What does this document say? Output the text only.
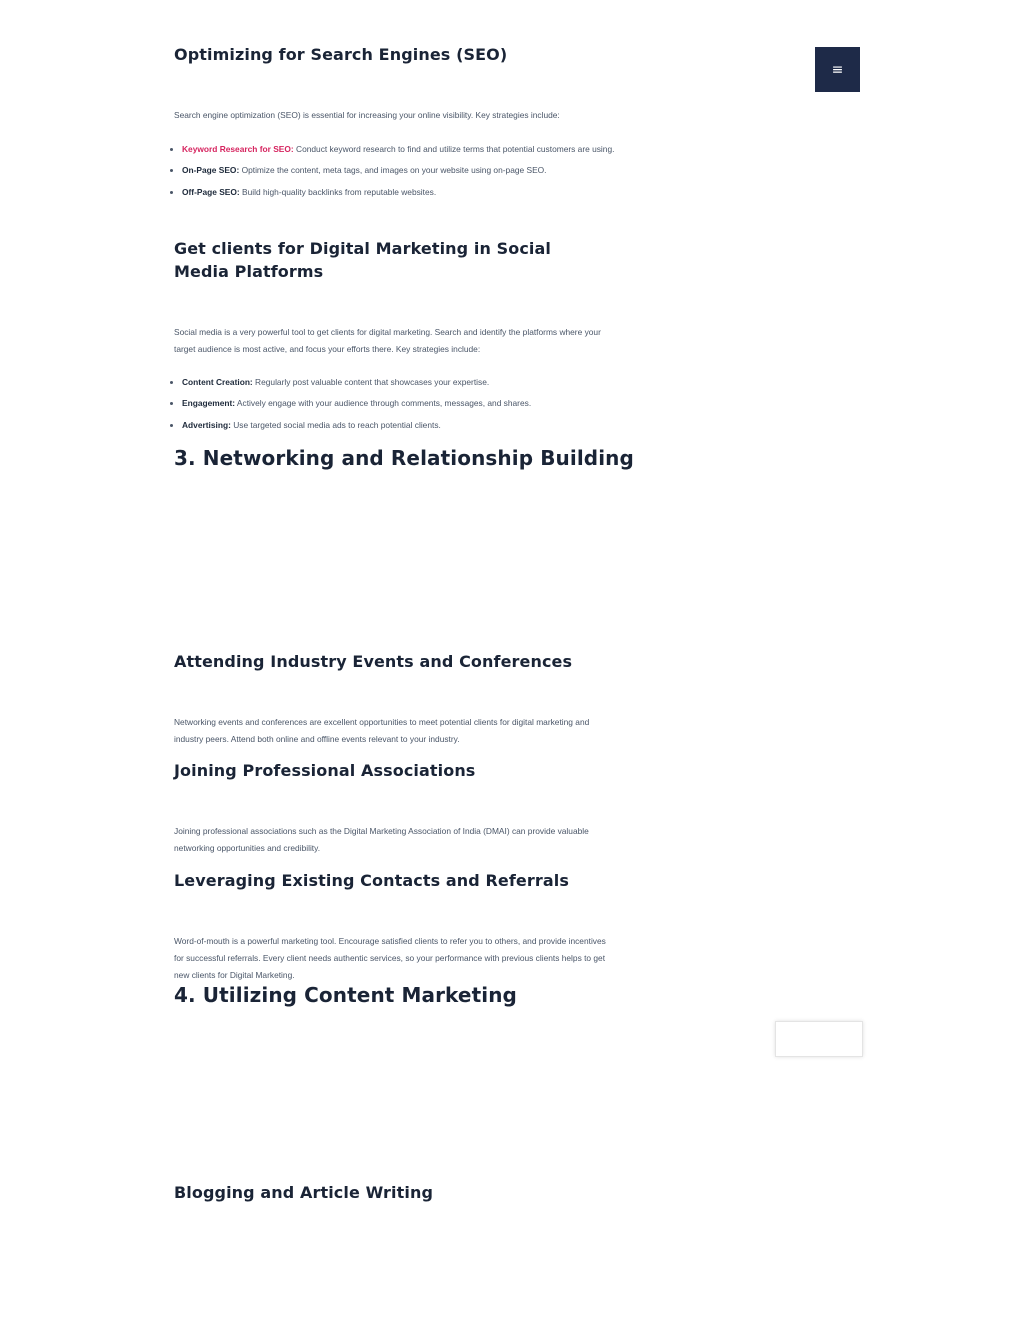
≡
Optimizing for Search Engines (SEO)

Search engine optimization (SEO) is essential for increasing your online visibility. Key strategies include:

• Keyword Research for SEO: Conduct keyword research to find and utilize terms that potential customers are using.
• On-Page SEO: Optimize the content, meta tags, and images on your website using on-page SEO.
• Off-Page SEO: Build high-quality backlinks from reputable websites.
Get clients for Digital Marketing in Social Media Platforms

Social media is a very powerful tool to get clients for digital marketing. Search and identify the platforms where your target audience is most active, and focus your efforts there. Key strategies include:

• Content Creation: Regularly post valuable content that showcases your expertise.
• Engagement: Actively engage with your audience through comments, messages, and shares.
• Advertising: Use targeted social media ads to reach potential clients.
3. Networking and Relationship Building
Attending Industry Events and Conferences

Networking events and conferences are excellent opportunities to meet potential clients for digital marketing and industry peers. Attend both online and offline events relevant to your industry.

Joining Professional Associations

Joining professional associations such as the Digital Marketing Association of India (DMAI) can provide valuable networking opportunities and credibility.

Leveraging Existing Contacts and Referrals

Word-of-mouth is a powerful marketing tool. Encourage satisfied clients to refer you to others, and provide incentives for successful referrals. Every client needs authentic services, so your performance with previous clients helps to get new clients for Digital Marketing.

4. Utilizing Content Marketing
Blogging and Article Writing
